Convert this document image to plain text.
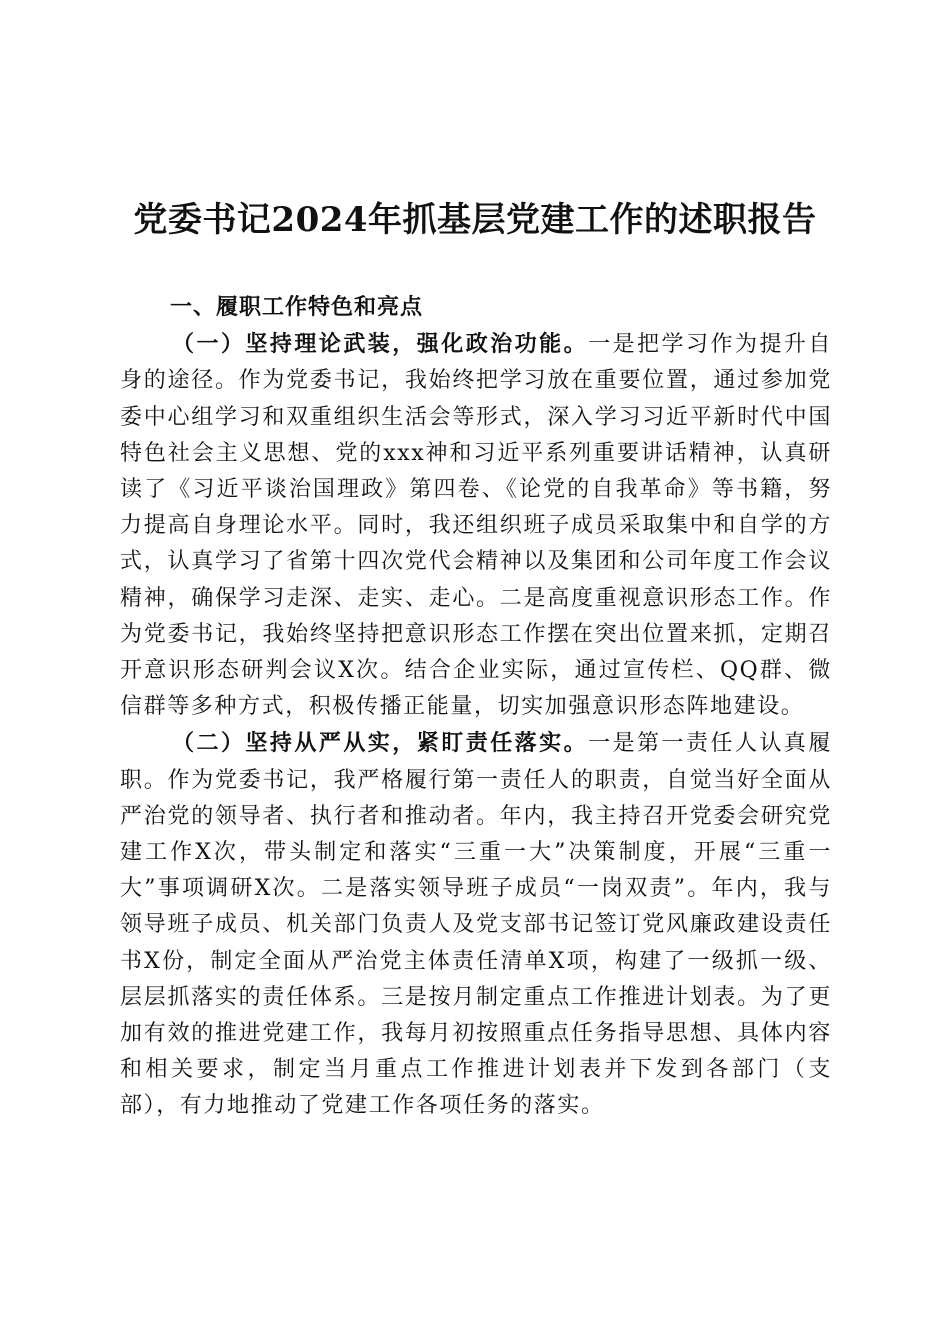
党委书记2024年抓基层党建工作的述职报告

一、履职工作特色和亮点

（一）坚持理论武装，强化政治功能。一是把学习作为提升自身的途径。作为党委书记，我始终把学习放在重要位置，通过参加党委中心组学习和双重组织生活会等形式，深入学习习近平新时代中国特色社会主义思想、党的xxx神和习近平系列重要讲话精神，认真研读了《习近平谈治国理政》第四卷、《论党的自我革命》等书籍，努力提高自身理论水平。同时，我还组织班子成员采取集中和自学的方式，认真学习了省第十四次党代会精神以及集团和公司年度工作会议精神，确保学习走深、走实、走心。二是高度重视意识形态工作。作为党委书记，我始终坚持把意识形态工作摆在突出位置来抓，定期召开意识形态研判会议X次。结合企业实际，通过宣传栏、QQ群、微信群等多种方式，积极传播正能量，切实加强意识形态阵地建设。

（二）坚持从严从实，紧盯责任落实。一是第一责任人认真履职。作为党委书记，我严格履行第一责任人的职责，自觉当好全面从严治党的领导者、执行者和推动者。年内，我主持召开党委会研究党建工作X次，带头制定和落实“三重一大”决策制度，开展“三重一大”事项调研X次。二是落实领导班子成员“一岗双责”。年内，我与领导班子成员、机关部门负责人及党支部书记签订党风廉政建设责任书X份，制定全面从严治党主体责任清单X项，构建了一级抓一级、层层抓落实的责任体系。三是按月制定重点工作推进计划表。为了更加有效的推进党建工作，我每月初按照重点任务指导思想、具体内容和相关要求，制定当月重点工作推进计划表并下发到各部门（支部），有力地推动了党建工作各项任务的落实。
